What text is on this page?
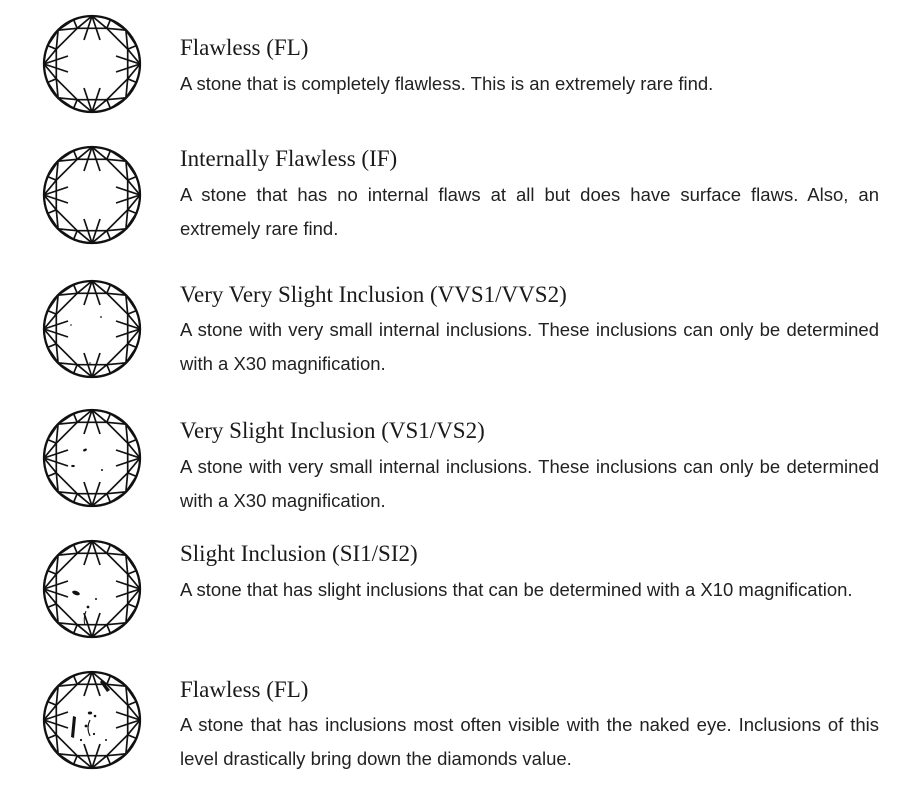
Flawless (FL)
A stone that is completely flawless. This is an extremely rare find.
Internally Flawless (IF)
A stone that has no internal flaws at all but does have surface flaws. Also, an extremely rare find.
Very Very Slight Inclusion (VVS1/VVS2)
A stone with very small internal inclusions. These inclusions can only be determined with a X30 magnification.
Very Slight Inclusion (VS1/VS2)
A stone with very small internal inclusions. These inclusions can only be determined with a X30 magnification.
Slight Inclusion (SI1/SI2)
A stone that has slight inclusions that can be determined with a X10 magnification.
Flawless (FL)
A stone that has inclusions most often visible with the naked eye. Inclusions of this level drastically bring down the diamonds value.
